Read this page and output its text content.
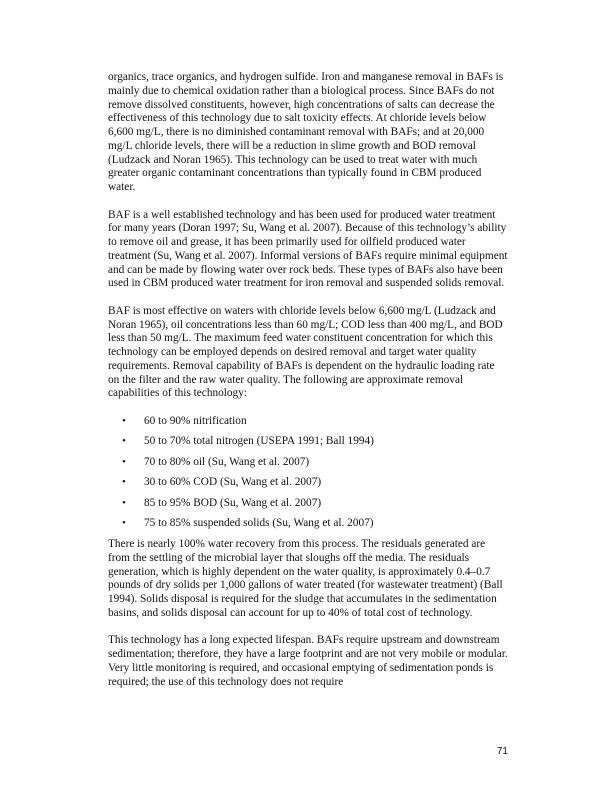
organics, trace organics, and hydrogen sulfide. Iron and manganese removal in BAFs is mainly due to chemical oxidation rather than a biological process. Since BAFs do not remove dissolved constituents, however, high concentrations of salts can decrease the effectiveness of this technology due to salt toxicity effects. At chloride levels below 6,600 mg/L, there is no diminished contaminant removal with BAFs; and at 20,000 mg/L chloride levels, there will be a reduction in slime growth and BOD removal (Ludzack and Noran 1965). This technology can be used to treat water with much greater organic contaminant concentrations than typically found in CBM produced water.

BAF is a well established technology and has been used for produced water treatment for many years (Doran 1997; Su, Wang et al. 2007). Because of this technology’s ability to remove oil and grease, it has been primarily used for oilfield produced water treatment (Su, Wang et al. 2007). Informal versions of BAFs require minimal equipment and can be made by flowing water over rock beds. These types of BAFs also have been used in CBM produced water treatment for iron removal and suspended solids removal.

BAF is most effective on waters with chloride levels below 6,600 mg/L (Ludzack and Noran 1965), oil concentrations less than 60 mg/L; COD less than 400 mg/L, and BOD less than 50 mg/L. The maximum feed water constituent concentration for which this technology can be employed depends on desired removal and target water quality requirements. Removal capability of BAFs is dependent on the hydraulic loading rate on the filter and the raw water quality. The following are approximate removal capabilities of this technology:

• 60 to 90% nitrification
• 50 to 70% total nitrogen (USEPA 1991; Ball 1994)
• 70 to 80% oil (Su, Wang et al. 2007)
• 30 to 60% COD (Su, Wang et al. 2007)
• 85 to 95% BOD (Su, Wang et al. 2007)
• 75 to 85% suspended solids (Su, Wang et al. 2007)

There is nearly 100% water recovery from this process. The residuals generated are from the settling of the microbial layer that sloughs off the media. The residuals generation, which is highly dependent on the water quality, is approximately 0.4–0.7 pounds of dry solids per 1,000 gallons of water treated (for wastewater treatment) (Ball 1994). Solids disposal is required for the sludge that accumulates in the sedimentation basins, and solids disposal can account for up to 40% of total cost of technology.

This technology has a long expected lifespan. BAFs require upstream and downstream sedimentation; therefore, they have a large footprint and are not very mobile or modular. Very little monitoring is required, and occasional emptying of sedimentation ponds is required; the use of this technology does not require

71
